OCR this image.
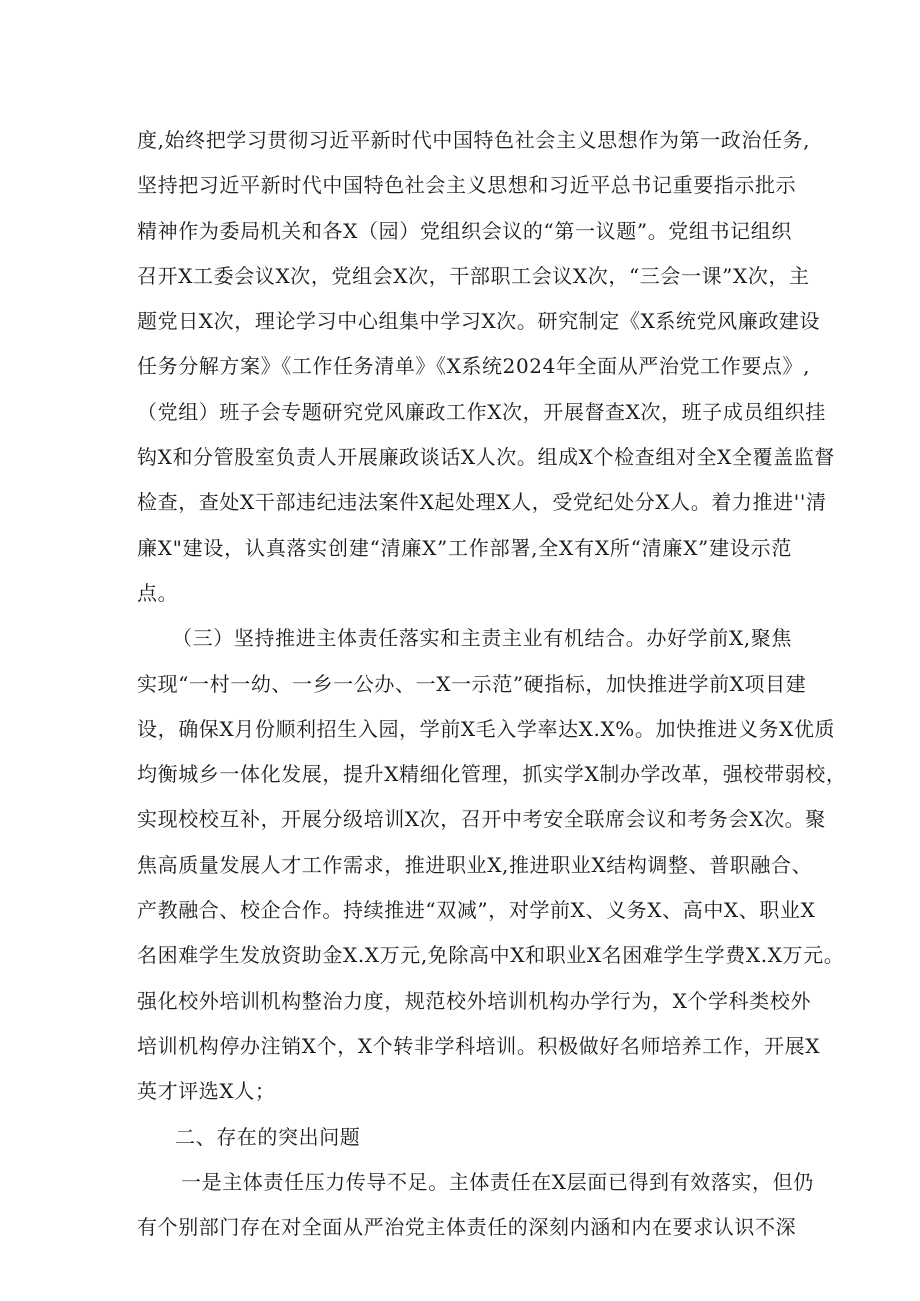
度,始终把学习贯彻习近平新时代中国特色社会主义思想作为第一政治任务,
坚持把习近平新时代中国特色社会主义思想和习近平总书记重要指示批示
精神作为委局机关和各X（园）党组织会议的“第一议题”。党组书记组织
召开X工委会议X次，党组会X次，干部职工会议X次，“三会一课”X次，主
题党日X次，理论学习中心组集中学习X次。研究制定《X系统党风廉政建设
任务分解方案》《工作任务清单》《X系统2024年全面从严治党工作要点》,
（党组）班子会专题研究党风廉政工作X次，开展督查X次，班子成员组织挂
钩X和分管股室负责人开展廉政谈话X人次。组成X个检查组对全X全覆盖监督
检查，查处X干部违纪违法案件X起处理X人，受党纪处分X人。着力推进''清
廉X"建设，认真落实创建“清廉X”工作部署,全X有X所“清廉X”建设示范
点。
（三）坚持推进主体责任落实和主责主业有机结合。办好学前X,聚焦
实现“一村一幼、一乡一公办、一X一示范”硬指标，加快推进学前X项目建
设，确保X月份顺利招生入园，学前X毛入学率达X.X%。加快推进义务X优质
均衡城乡一体化发展，提升X精细化管理，抓实学X制办学改革，强校带弱校，
实现校校互补，开展分级培训X次，召开中考安全联席会议和考务会X次。聚
焦高质量发展人才工作需求，推进职业X,推进职业X结构调整、普职融合、
产教融合、校企合作。持续推进“双减”，对学前X、义务X、高中X、职业X
名困难学生发放资助金X.X万元,免除高中X和职业X名困难学生学费X.X万元。
强化校外培训机构整治力度，规范校外培训机构办学行为，X个学科类校外
培训机构停办注销X个，X个转非学科培训。积极做好名师培养工作，开展X
英才评选X人；
二、存在的突出问题
一是主体责任压力传导不足。主体责任在X层面已得到有效落实，但仍
有个别部门存在对全面从严治党主体责任的深刻内涵和内在要求认识不深
